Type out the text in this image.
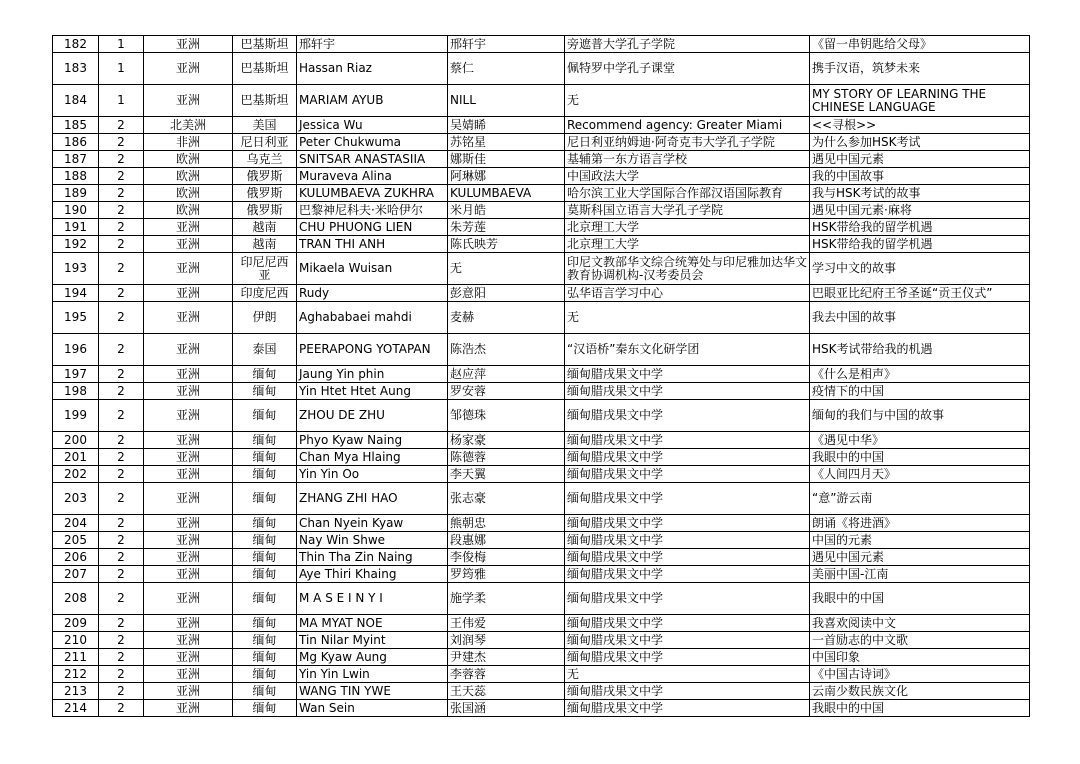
182	1	亚洲	巴基斯坦	邢轩宇	邢轩宇	旁遮普大学孔子学院	《留一串钥匙给父母》
183	1	亚洲	巴基斯坦	Hassan Riaz	蔡仁	佩特罗中学孔子课堂	携手汉语，筑梦未来
184	1	亚洲	巴基斯坦	MARIAM AYUB	NILL	无	MY STORY OF LEARNING THE CHINESE LANGUAGE
185	2	北美洲	美国	Jessica Wu	吴婧睎	Recommend agency: Greater Miami	<<寻根>>
186	2	非洲	尼日利亚	Peter Chukwuma	苏铭星	尼日利亚纳姆迪·阿奇克韦大学孔子学院	为什么参加HSK考试
187	2	欧洲	乌克兰	SNITSAR ANASTASIIA	娜斯佳	基辅第一东方语言学校	遇见中国元素
188	2	欧洲	俄罗斯	Muraveva Alina	阿琳娜	中国政法大学	我的中国故事
189	2	欧洲	俄罗斯	KULUMBAEVA ZUKHRA	KULUMBAEVA	哈尔滨工业大学国际合作部汉语国际教育	我与HSK考试的故事
190	2	欧洲	俄罗斯	巴黎神尼科夫·米哈伊尔	米月皓	莫斯科国立语言大学孔子学院	遇见中国元素·麻将
191	2	亚洲	越南	CHU PHUONG LIEN	朱芳莲	北京理工大学	HSK带给我的留学机遇
192	2	亚洲	越南	TRAN THI ANH	陈氏映芳	北京理工大学	HSK带给我的留学机遇
193	2	亚洲	印尼尼西亚	Mikaela Wuisan	无	印尼文教部华文综合统筹处与印尼雅加达华文教育协调机构-汉考委员会	学习中文的故事
194	2	亚洲	印度尼西	Rudy	彭意阳	弘华语言学习中心	巴眼亚比纪府王爷圣诞“贡王仪式”
195	2	亚洲	伊朗	Aghababaei mahdi	麦赫	无	我去中国的故事
196	2	亚洲	泰国	PEERAPONG YOTAPAN	陈浩杰	“汉语桥”秦东文化研学团	HSK考试带给我的机遇
197	2	亚洲	缅甸	Jaung Yin phin	赵应萍	缅甸腊戌果文中学	《什么是相声》
198	2	亚洲	缅甸	Yin Htet Htet Aung	罗安蓉	缅甸腊戌果文中学	疫情下的中国
199	2	亚洲	缅甸	ZHOU DE ZHU	邹德珠	缅甸腊戌果文中学	缅甸的我们与中国的故事
200	2	亚洲	缅甸	Phyo Kyaw Naing	杨家豪	缅甸腊戌果文中学	《遇见中华》
201	2	亚洲	缅甸	Chan Mya Hlaing	陈德蓉	缅甸腊戌果文中学	我眼中的中国
202	2	亚洲	缅甸	Yin Yin Oo	李天翼	缅甸腊戌果文中学	《人间四月天》
203	2	亚洲	缅甸	ZHANG ZHI HAO	张志豪	缅甸腊戌果文中学	“意”游云南
204	2	亚洲	缅甸	Chan Nyein Kyaw	熊朝忠	缅甸腊戌果文中学	朗诵《将进酒》
205	2	亚洲	缅甸	Nay Win Shwe	段惠娜	缅甸腊戌果文中学	中国的元素
206	2	亚洲	缅甸	Thin Tha Zin Naing	李俊梅	缅甸腊戌果文中学	遇见中国元素
207	2	亚洲	缅甸	Aye Thiri Khaing	罗筠雅	缅甸腊戌果文中学	美丽中国-江南
208	2	亚洲	缅甸	M A S E I N Y I	施学柔	缅甸腊戌果文中学	我眼中的中国
209	2	亚洲	缅甸	MA MYAT NOE	王伟爱	缅甸腊戌果文中学	我喜欢阅读中文
210	2	亚洲	缅甸	Tin Nilar Myint	刘润琴	缅甸腊戌果文中学	一首励志的中文歌
211	2	亚洲	缅甸	Mg Kyaw Aung	尹建杰	缅甸腊戌果文中学	中国印象
212	2	亚洲	缅甸	Yin Yin Lwin	李蓉蓉	无	《中国古诗词》
213	2	亚洲	缅甸	WANG TIN YWE	王天蕊	缅甸腊戌果文中学	云南少数民族文化
214	2	亚洲	缅甸	Wan Sein	张国涵	缅甸腊戌果文中学	我眼中的中国
